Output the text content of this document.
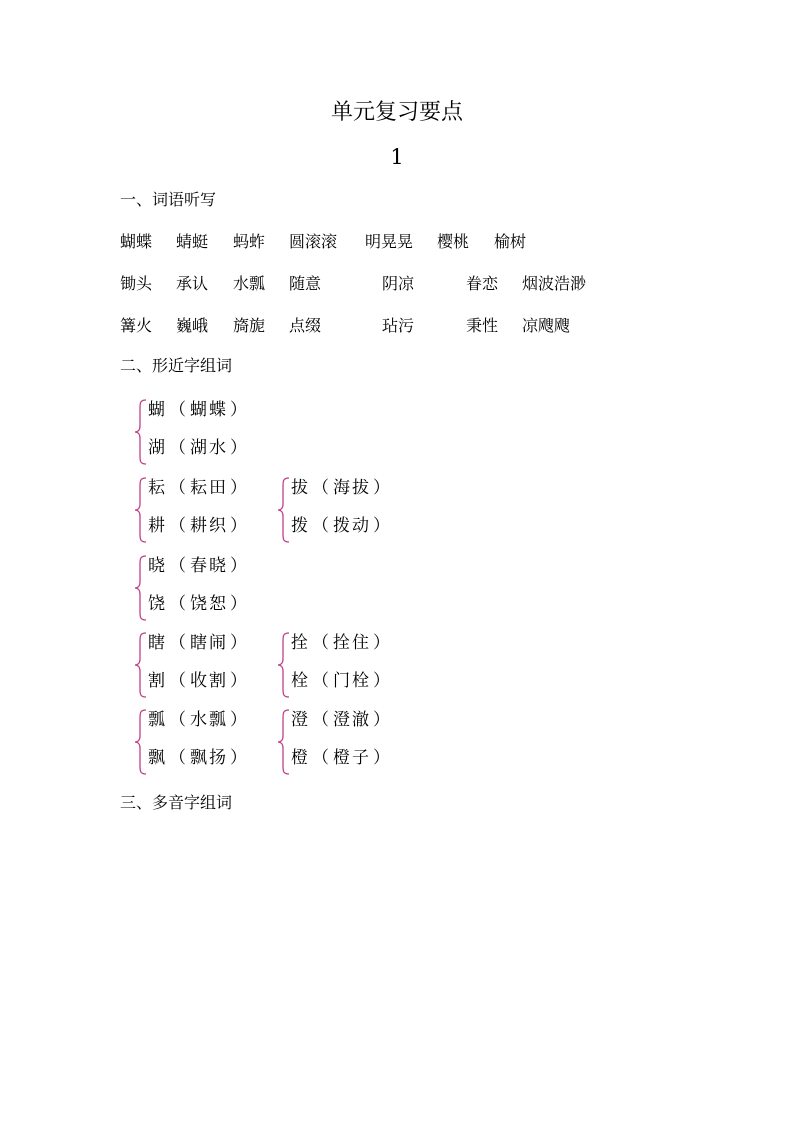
单元复习要点
1
一、词语听写
蝴蝶 蜻蜓 蚂蚱 圆滚滚 明晃晃 樱桃 榆树
锄头 承认 水瓢 随意	阴凉	眷恋 烟波浩渺
篝火 巍峨 旖旎 点缀	玷污	秉性 凉飕飕
二、形近字组词
蝴 （ 蝴蝶 ）
湖 （ 湖水 ）
耘 （ 耘田 ）
耕 （ 耕织 ）
拔 （ 海拔 ）
拨 （ 拨动 ）
晓 （ 春晓 ）
饶 （ 饶恕 ）
瞎 （ 瞎闹 ）
割 （ 收割 ）
拴 （ 拴住 ）
栓 （ 门栓 ）
瓢 （ 水瓢 ）
飘 （ 飘扬 ）
澄 （ 澄澈 ）
橙 （ 橙子 ）
三、多音字组词
